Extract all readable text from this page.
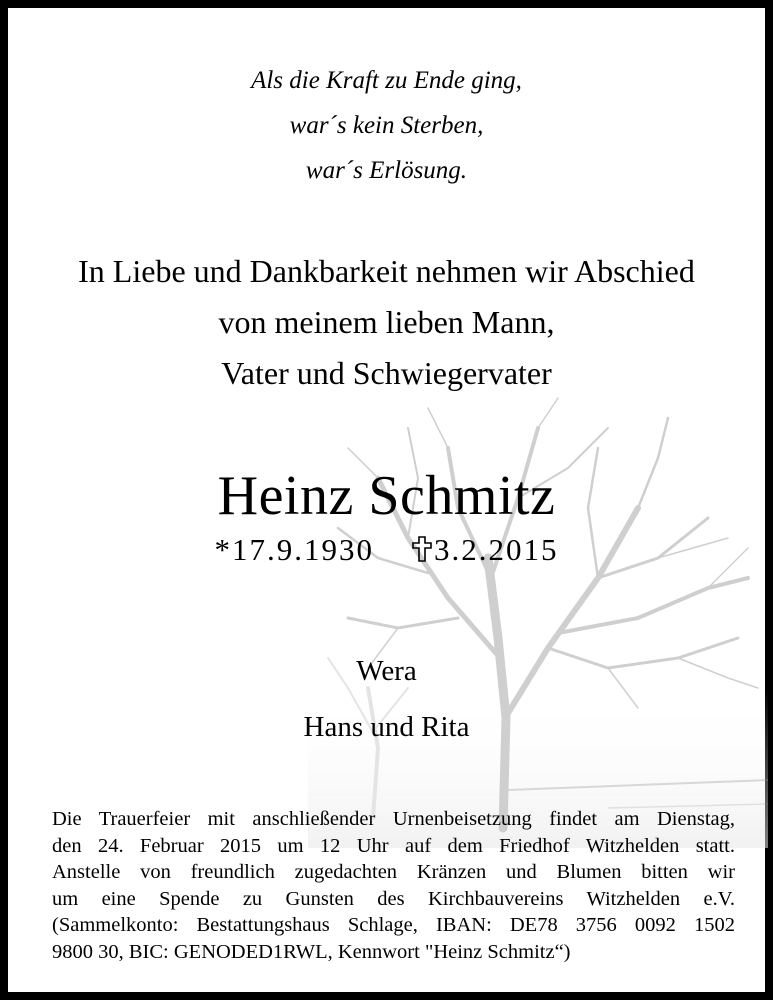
Als die Kraft zu Ende ging,
war´s kein Sterben,
war´s Erlösung.
In Liebe und Dankbarkeit nehmen wir Abschied
von meinem lieben Mann,
Vater und Schwiegervater
Heinz Schmitz
*17.9.1930 3.2.2015
Wera
Hans und Rita
Die Trauerfeier mit anschließender Urnenbeisetzung findet am Dienstag,
den 24. Februar 2015 um 12 Uhr auf dem Friedhof Witzhelden statt.
Anstelle von freundlich zugedachten Kränzen und Blumen bitten wir
um eine Spende zu Gunsten des Kirchbauvereins Witzhelden e.V.
(Sammelkonto: Bestattungshaus Schlage, IBAN: DE78 3756 0092 1502
9800 30, BIC: GENODED1RWL, Kennwort "Heinz Schmitz“)
